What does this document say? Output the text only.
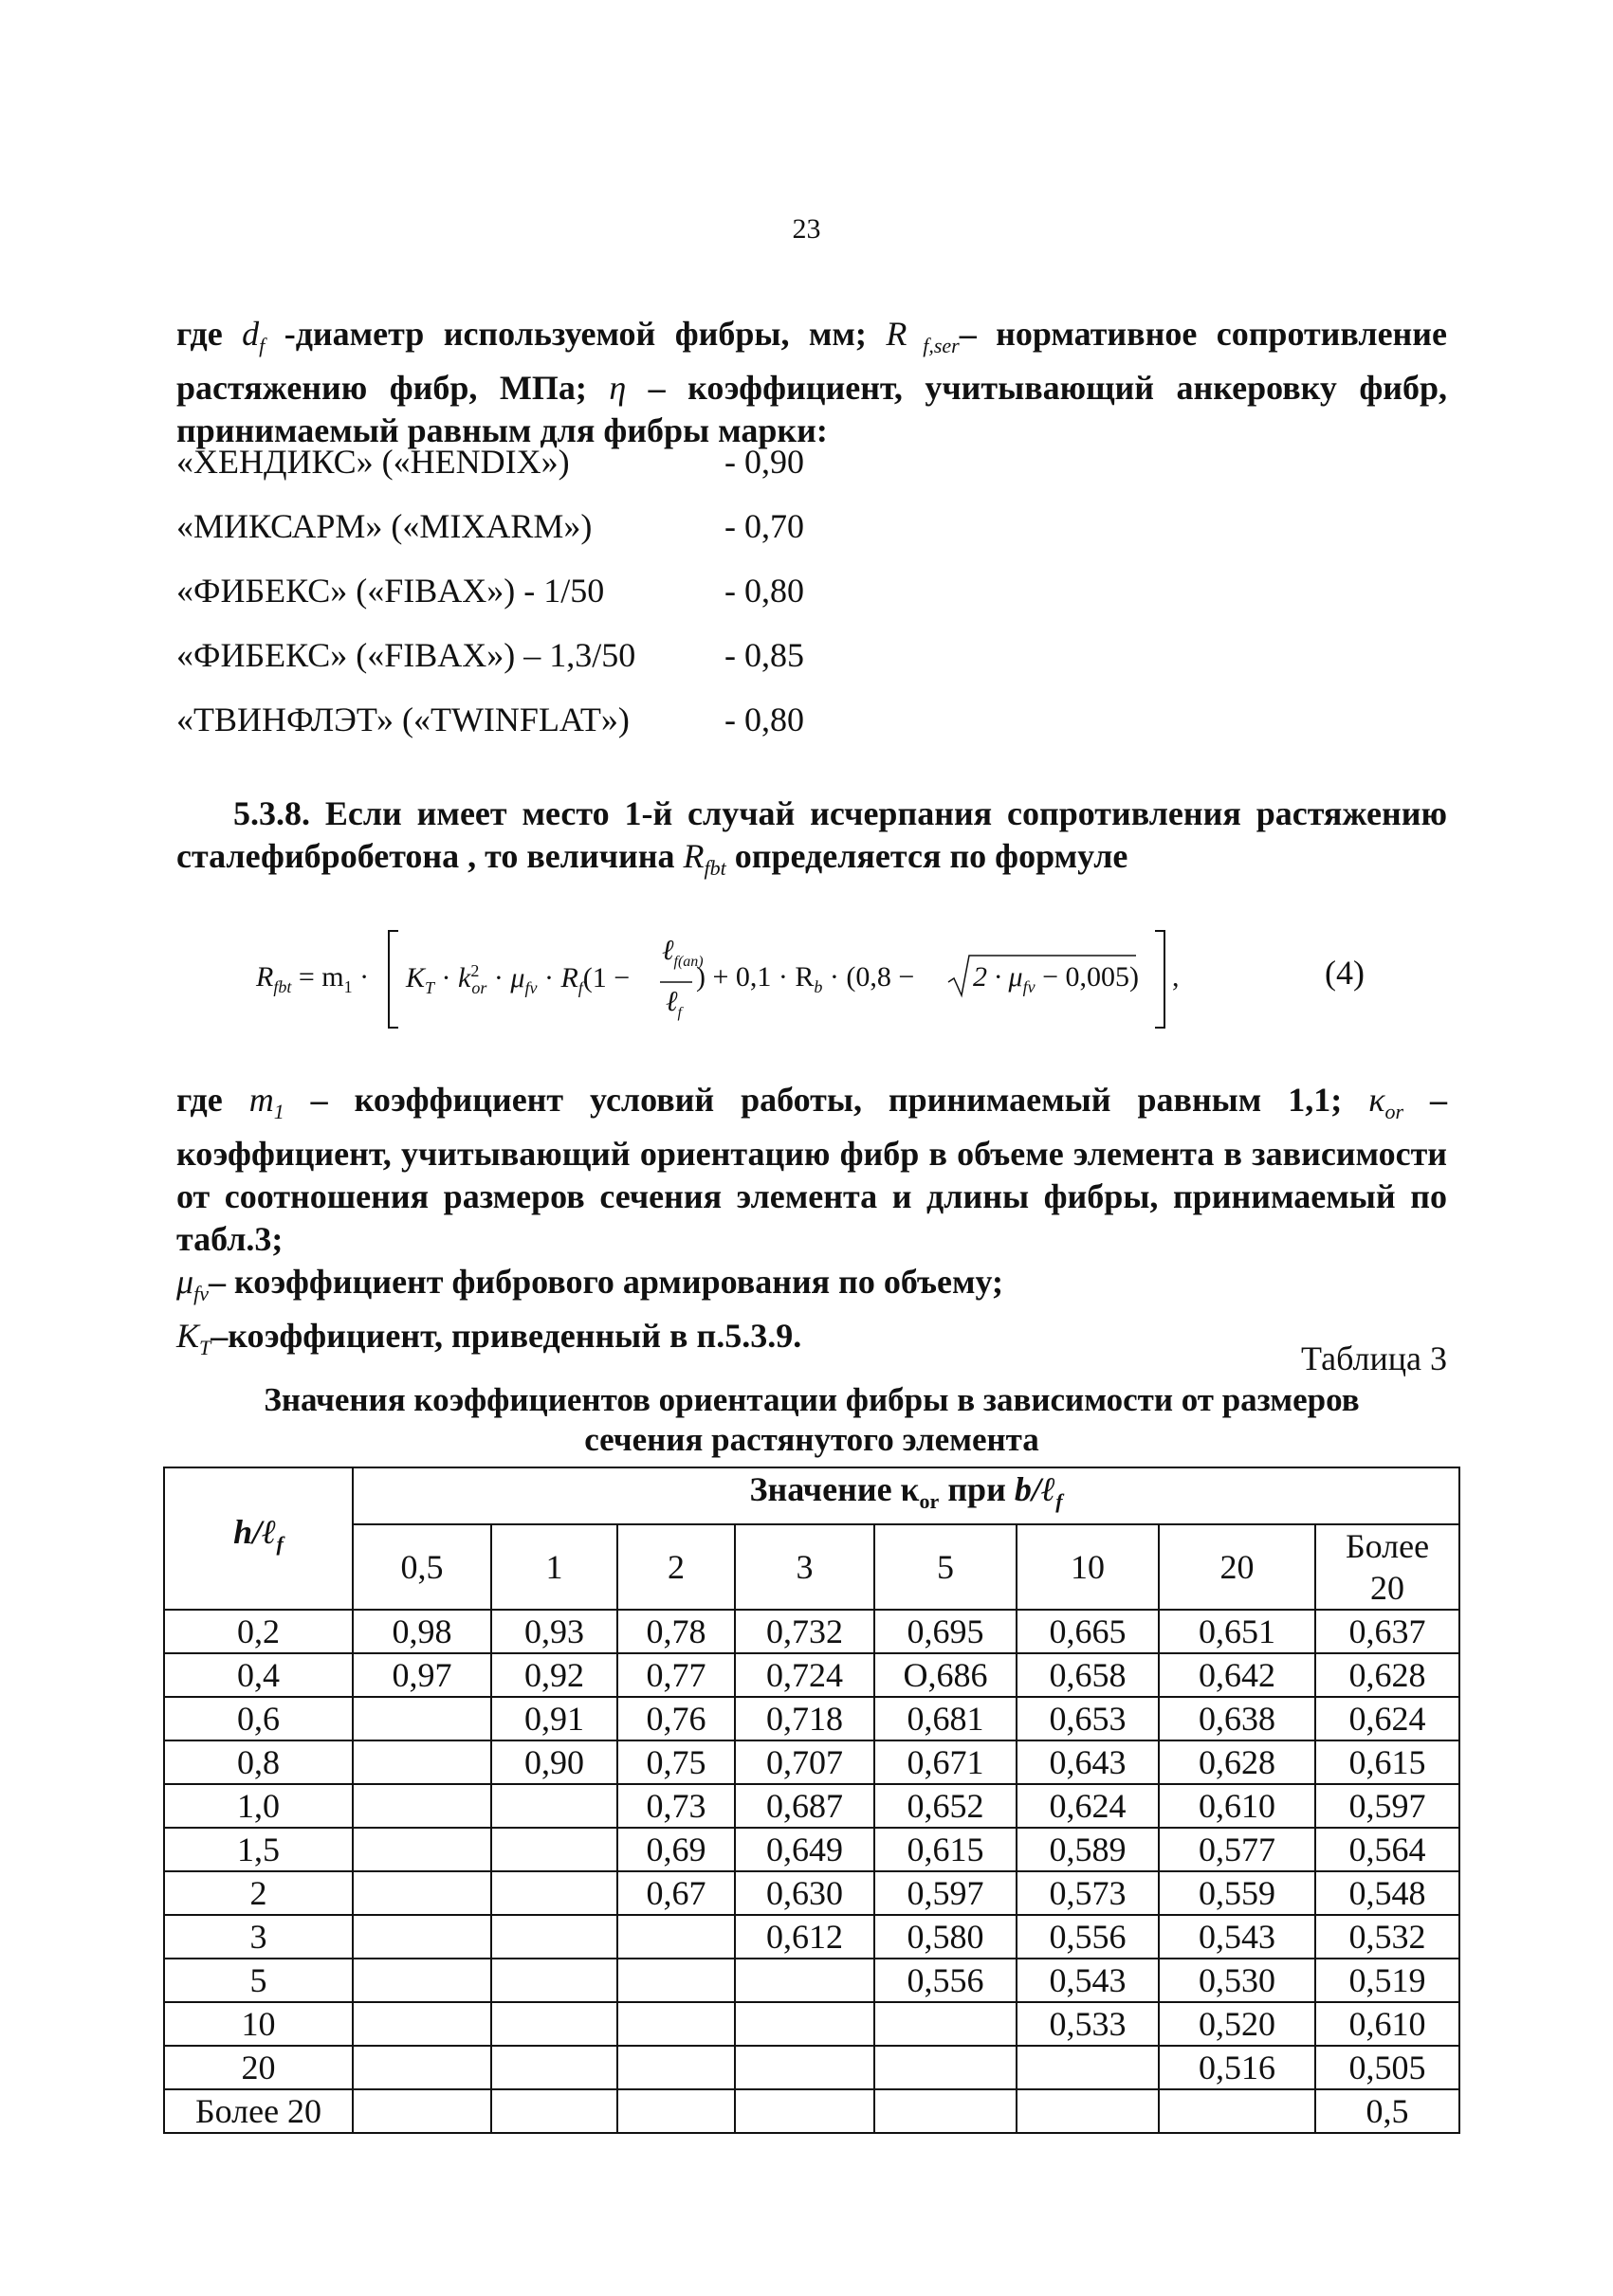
23
где $d_f$ -диаметр используемой фибры, мм; R $_{f,ser}$– нормативное сопротивление растяжению фибр, МПа; η – коэффициент, учитывающий анкеровку фибр, принимаемый равным для фибры марки:
«ХЕНДИКС» («HENDIX»)	- 0,90
«МИКСАРМ» («MIXARM»)	- 0,70
«ФИБЕКС» («FIBAX») - 1/50	- 0,80
«ФИБЕКС» («FIBAX») – 1,3/50	- 0,85
«ТВИНФЛЭТ» («TWINFLAT»)	- 0,80
5.3.8. Если имеет место 1-й случай исчерпания сопротивления растяжению сталефибробетона , то величина $R_{fbt}$ определяется по формуле
$R_{fbt} = m_1 \cdot K_T \cdot k^2_{or} \cdot \mu_{fv} \cdot R_f(1$ −
ℓ$_{f(an)}$
ℓ$_f$
) + $0,1 \cdot R_b \cdot (0,8 - 2 \cdot \mu_{fv} - 0,005)$ ,	(4)
где $m_1$ – коэффициент условий работы, принимаемый равным 1,1; $\kappa_{or}$ – коэффициент, учитывающий ориентацию фибр в объеме элемента в зависимости от соотношения размеров сечения элемента и длины фибры, принимаемый по табл.3;
$\mu_{fv}-$ коэффициент фибрового армирования по объему;
$K_T$–коэффициент, приведенный в п.5.3.9.
Таблица 3
Значения коэффициентов ориентации фибры в зависимости от размеров
сечения растянутого элемента
h/ℓ$_f$	Значение $\kappa_{or}$ при b/ℓ$_f$
	0,5	1	2	3	5	10	20	Более 20
0,2	0,98	0,93	0,78	0,732	0,695	0,665	0,651	0,637
0,4	0,97	0,92	0,77	0,724	О,686	0,658	0,642	0,628
0,6		0,91	0,76	0,718	0,681	0,653	0,638	0,624
0,8		0,90	0,75	0,707	0,671	0,643	0,628	0,615
1,0			0,73	0,687	0,652	0,624	0,610	0,597
1,5			0,69	0,649	0,615	0,589	0,577	0,564
2			0,67	0,630	0,597	0,573	0,559	0,548
3				0,612	0,580	0,556	0,543	0,532
5					0,556	0,543	0,530	0,519
10						0,533	0,520	0,610
20							0,516	0,505
Более 20								0,5
